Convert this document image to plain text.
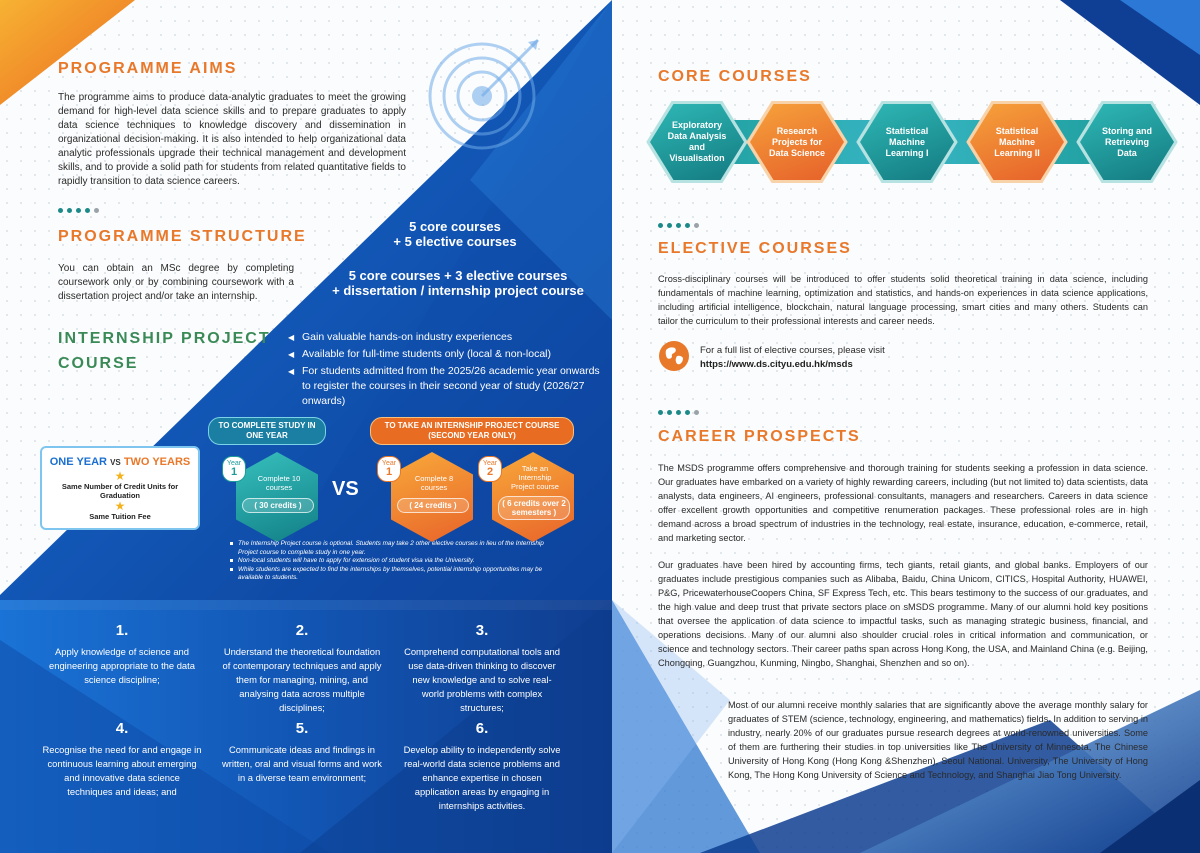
PROGRAMME AIMS
The programme aims to produce data-analytic graduates to meet the growing demand for high-level data science skills and to prepare graduates to apply data science techniques to knowledge discovery and dissemination in organizational decision-making. It is also intended to help organizational data analytic professionals upgrade their technical management and development skills, and to provide a solid path for students from related quantitative fields to rapidly transition to data science careers.
PROGRAMME STRUCTURE
You can obtain an MSc degree by completing coursework only or by combining coursework with a dissertation project and/or take an internship.
5 core courses
+ 5 elective courses
5 core courses + 3 elective courses
+ dissertation / internship project course
INTERNSHIP PROJECT
COURSE
◀ Gain valuable hands-on industry experiences
◀ Available for full-time students only (local & non-local)
◀ For students admitted from the 2025/26 academic year onwards to register the courses in their second year of study (2026/27 onwards)
TO COMPLETE STUDY IN ONE YEAR
TO TAKE AN INTERNSHIP PROJECT COURSE (SECOND YEAR ONLY)
ONE YEAR VS TWO YEARS
★
Same Number of Credit Units for Graduation
★
Same Tuition Fee
Year
1
Complete 10 courses
( 30 credits )
VS
Year
1
Complete 8 courses
( 24 credits )
Year
2	Take an Internship Project course
( 6 credits over 2 semesters )
The Internship Project course is optional. Students may take 2 other elective courses in lieu of the Internship Project course to complete study in one year.
Non-local students will have to apply for extension of student visa via the University.
While students are expected to find the internships by themselves, potential internship opportunities may be available to students.
1.
Apply knowledge of science and engineering appropriate to the data science discipline;
2.
Understand the theoretical foundation of contemporary techniques and apply them for managing, mining, and analysing data across multiple disciplines;
3.
Comprehend computational tools and use data-driven thinking to discover new knowledge and to solve real-world problems with complex structures;
4.
Recognise the need for and engage in continuous learning about emerging and innovative data science techniques and ideas; and
5.
Communicate ideas and findings in written, oral and visual forms and work in a diverse team environment;
6.
Develop ability to independently solve real-world data science problems and enhance expertise in chosen application areas by engaging in internships activities.
CORE COURSES
Exploratory Data Analysis and Visualisation
Research Projects for Data Science
Statistical Machine Learning I
Statistical Machine Learning II
Storing and Retrieving Data
ELECTIVE COURSES
Cross-disciplinary courses will be introduced to offer students solid theoretical training in data science, including fundamentals of machine learning, optimization and statistics, and hands-on experiences in data science applications, including artificial intelligence, blockchain, natural language processing, smart cities and many others. Students can tailor the curriculum to their professional interests and career needs.
For a full list of elective courses, please visit
https://www.ds.cityu.edu.hk/msds
CAREER PROSPECTS
The MSDS programme offers comprehensive and thorough training for students seeking a profession in data science. Our graduates have embarked on a variety of highly rewarding careers, including (but not limited to) data scientists, data analysts, data engineers, AI engineers, professional consultants, managers and researchers. Careers in data science offer excellent growth opportunities and competitive renumeration packages. These professional roles are in high demand across a broad spectrum of industries in the technology, real estate, insurance, education, e-commerce, retail, and marketing sector.
Our graduates have been hired by accounting firms, tech giants, retail giants, and global banks. Employers of our graduates include prestigious companies such as Alibaba, Baidu, China Unicom, CITICS, Hospital Authority, HUAWEI, P&G, PricewaterhouseCoopers China, SF Express Tech, etc. This bears testimony to the success of our graduates, and the high value and deep trust that private sectors place on sMSDS programme. Many of our alumni hold key positions that oversee the application of data science to impactful tasks, such as managing strategic business, financial, and operations decisions. Many of our alumni also shoulder crucial roles in critical information and communication, or science and technology sectors. Their career paths span across Hong Kong, the USA, and Mainland China (e.g. Beijing, Chongqing, Guangzhou, Kunming, Ningbo, Shanghai, Shenzhen and so on).
Most of our alumni receive monthly salaries that are significantly above the average monthly salary for graduates of STEM (science, technology, engineering, and mathematics) fields. In addition to serving in industry, nearly 20% of our graduates pursue research degrees at world-renowned universities. Some of them are furthering their studies in top universities like The University of Minnesota, The Chinese University of Hong Kong (Hong Kong &Shenzhen), Seoul National. University, The University of Hong Kong, The Hong Kong University of Science and Technology, and Shanghai Jiao Tong University.
